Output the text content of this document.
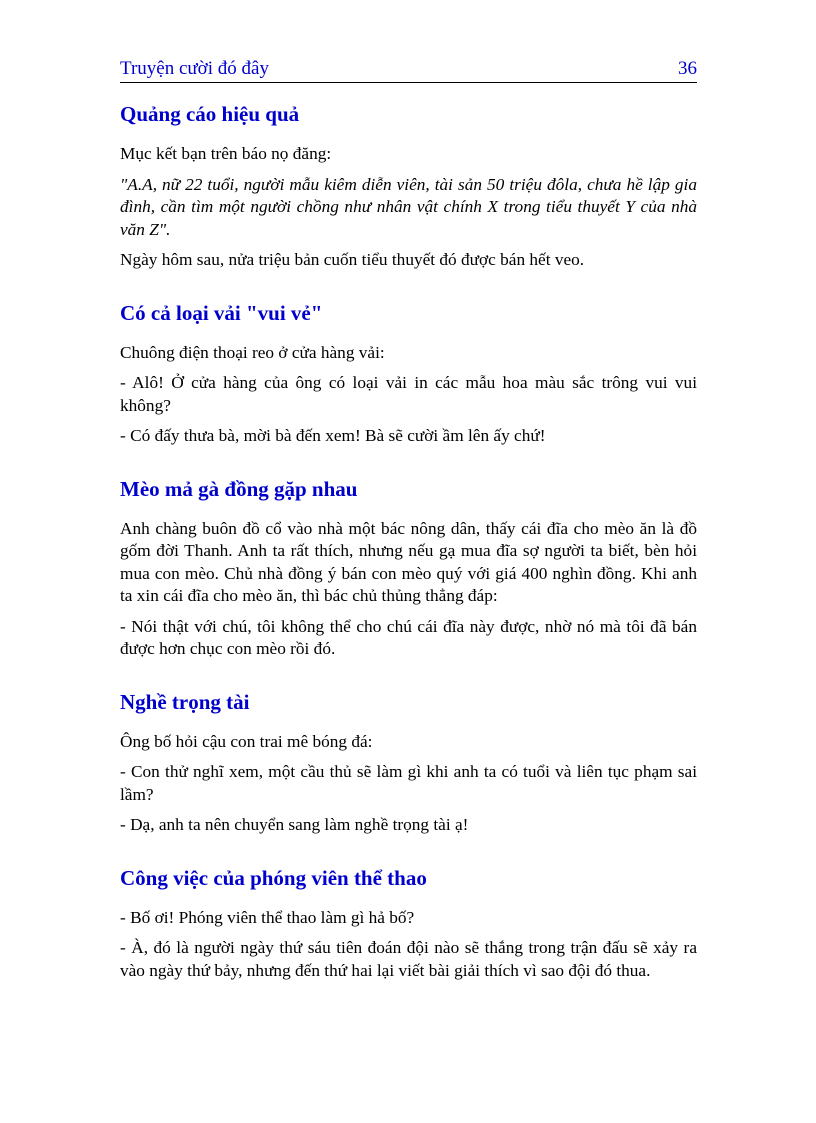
Truyện cười đó đây	36
Quảng cáo hiệu quả

Mục kết bạn trên báo nọ đăng:

"A.A, nữ 22 tuổi, người mẫu kiêm diễn viên, tài sản 50 triệu đôla, chưa hề lập gia đình, cần tìm một người chồng như nhân vật chính X trong tiểu thuyết Y của nhà văn Z".

Ngày hôm sau, nửa triệu bản cuốn tiểu thuyết đó được bán hết veo.

Có cả loại vải "vui vẻ"

Chuông điện thoại reo ở cửa hàng vải:

- Alô! Ở cửa hàng của ông có loại vải in các mẫu hoa màu sắc trông vui vui không?

- Có đấy thưa bà, mời bà đến xem! Bà sẽ cười ầm lên ấy chứ!

Mèo mả gà đồng gặp nhau

Anh chàng buôn đồ cổ vào nhà một bác nông dân, thấy cái đĩa cho mèo ăn là đồ gốm đời Thanh. Anh ta rất thích, nhưng nếu gạ mua đĩa sợ người ta biết, bèn hỏi mua con mèo. Chủ nhà đồng ý bán con mèo quý với giá 400 nghìn đồng. Khi anh ta xin cái đĩa cho mèo ăn, thì bác chủ thủng thẳng đáp:

- Nói thật với chú, tôi không thể cho chú cái đĩa này được, nhờ nó mà tôi đã bán được hơn chục con mèo rồi đó.

Nghề trọng tài

Ông bố hỏi cậu con trai mê bóng đá:

- Con thử nghĩ xem, một cầu thủ sẽ làm gì khi anh ta có tuổi và liên tục phạm sai lầm?

- Dạ, anh ta nên chuyển sang làm nghề trọng tài ạ!

Công việc của phóng viên thể thao

- Bố ơi! Phóng viên thể thao làm gì hả bố?

- À, đó là người ngày thứ sáu tiên đoán đội nào sẽ thắng trong trận đấu sẽ xảy ra vào ngày thứ bảy, nhưng đến thứ hai lại viết bài giải thích vì sao đội đó thua.
